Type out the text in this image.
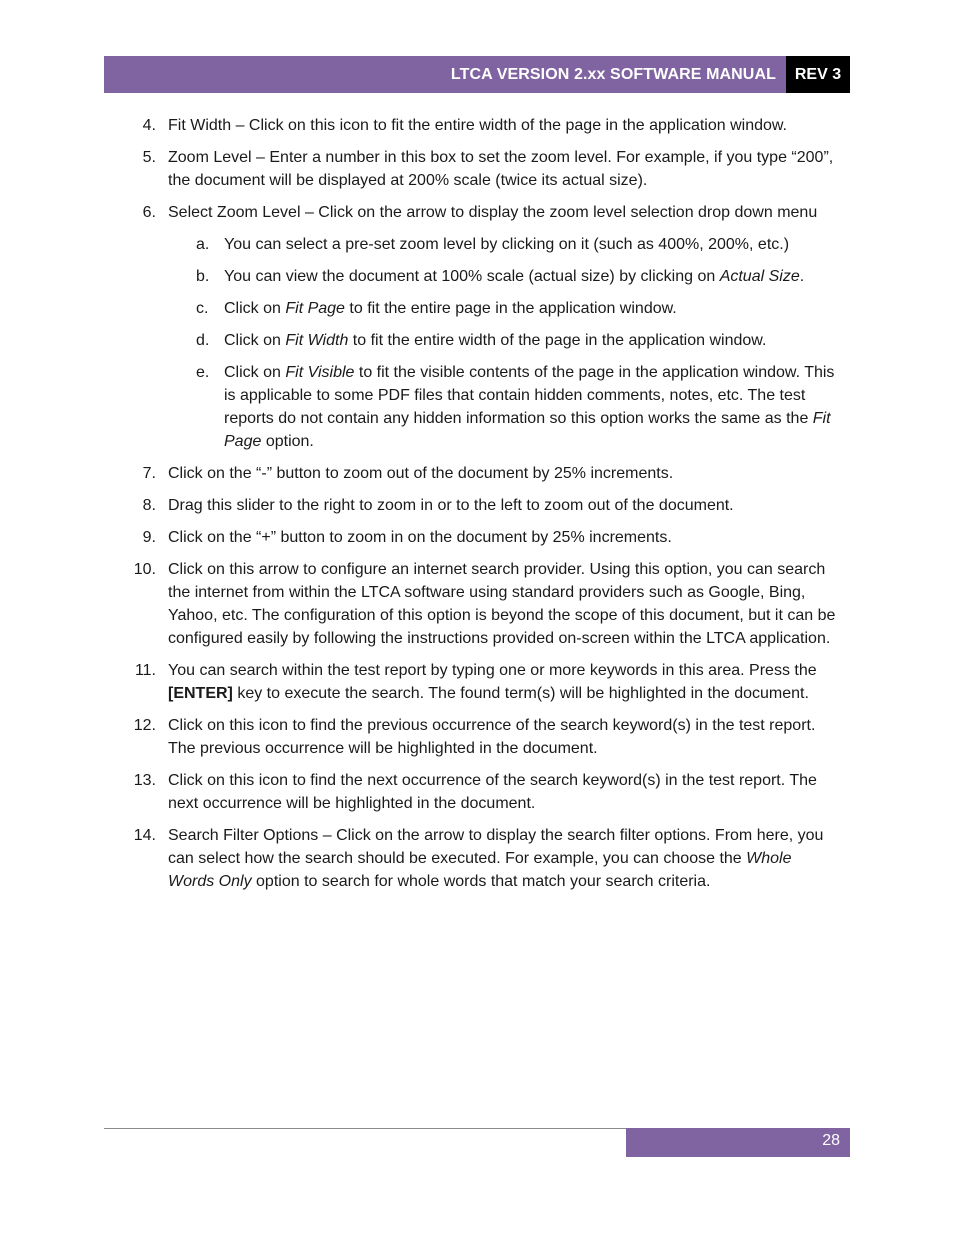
LTCA VERSION 2.xx SOFTWARE MANUAL	REV 3
4. Fit Width – Click on this icon to fit the entire width of the page in the application window.
5. Zoom Level – Enter a number in this box to set the zoom level. For example, if you type “200”, the document will be displayed at 200% scale (twice its actual size).
6. Select Zoom Level – Click on the arrow to display the zoom level selection drop down menu
a. You can select a pre-set zoom level by clicking on it (such as 400%, 200%, etc.)
b. You can view the document at 100% scale (actual size) by clicking on Actual Size.
c. Click on Fit Page to fit the entire page in the application window.
d. Click on Fit Width to fit the entire width of the page in the application window.
e. Click on Fit Visible to fit the visible contents of the page in the application window. This is applicable to some PDF files that contain hidden comments, notes, etc. The test reports do not contain any hidden information so this option works the same as the Fit Page option.
7. Click on the “-” button to zoom out of the document by 25% increments.
8. Drag this slider to the right to zoom in or to the left to zoom out of the document.
9. Click on the “+” button to zoom in on the document by 25% increments.
10. Click on this arrow to configure an internet search provider. Using this option, you can search the internet from within the LTCA software using standard providers such as Google, Bing, Yahoo, etc. The configuration of this option is beyond the scope of this document, but it can be configured easily by following the instructions provided on-screen within the LTCA application.
11. You can search within the test report by typing one or more keywords in this area. Press the [ENTER] key to execute the search. The found term(s) will be highlighted in the document.
12. Click on this icon to find the previous occurrence of the search keyword(s) in the test report. The previous occurrence will be highlighted in the document.
13. Click on this icon to find the next occurrence of the search keyword(s) in the test report. The next occurrence will be highlighted in the document.
14. Search Filter Options – Click on the arrow to display the search filter options. From here, you can select how the search should be executed. For example, you can choose the Whole Words Only option to search for whole words that match your search criteria.
28
